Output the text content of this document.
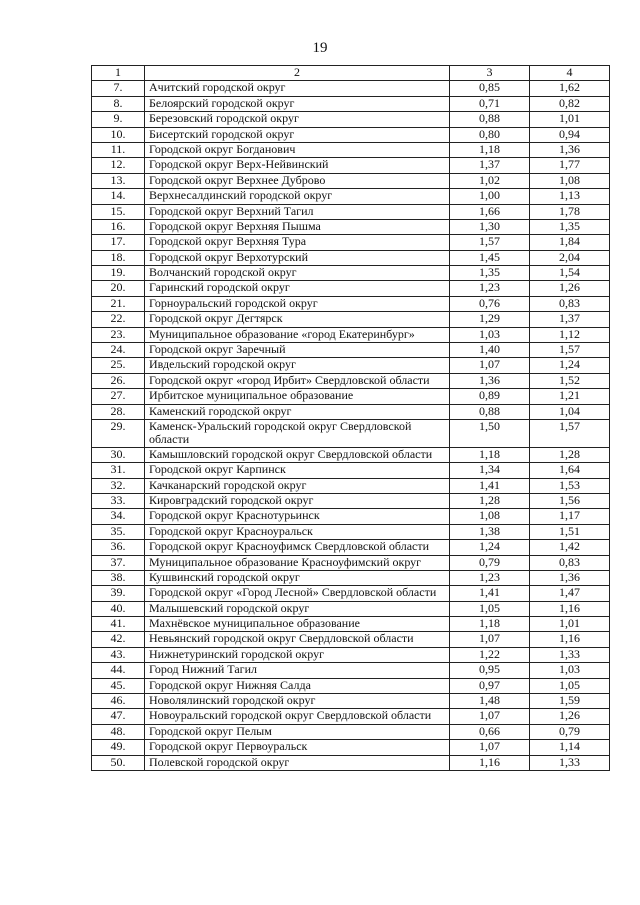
19
1	2	3	4
7.	Ачитский городской округ	0,85	1,62
8.	Белоярский городской округ	0,71	0,82
9.	Березовский городской округ	0,88	1,01
10.	Бисертский городской округ	0,80	0,94
11.	Городской округ Богданович	1,18	1,36
12.	Городской округ Верх-Нейвинский	1,37	1,77
13.	Городской округ Верхнее Дуброво	1,02	1,08
14.	Верхнесалдинский городской округ	1,00	1,13
15.	Городской округ Верхний Тагил	1,66	1,78
16.	Городской округ Верхняя Пышма	1,30	1,35
17.	Городской округ Верхняя Тура	1,57	1,84
18.	Городской округ Верхотурский	1,45	2,04
19.	Волчанский городской округ	1,35	1,54
20.	Гаринский городской округ	1,23	1,26
21.	Горноуральский городской округ	0,76	0,83
22.	Городской округ Дегтярск	1,29	1,37
23.	Муниципальное образование «город Екатеринбург»	1,03	1,12
24.	Городской округ Заречный	1,40	1,57
25.	Ивдельский городской округ	1,07	1,24
26.	Городской округ «город Ирбит» Свердловской области	1,36	1,52
27.	Ирбитское муниципальное образование	0,89	1,21
28.	Каменский городской округ	0,88	1,04
29.	Каменск-Уральский городской округ Свердловской области	1,50	1,57
30.	Камышловский городской округ Свердловской области	1,18	1,28
31.	Городской округ Карпинск	1,34	1,64
32.	Качканарский городской округ	1,41	1,53
33.	Кировградский городской округ	1,28	1,56
34.	Городской округ Краснотурьинск	1,08	1,17
35.	Городской округ Красноуральск	1,38	1,51
36.	Городской округ Красноуфимск Свердловской области	1,24	1,42
37.	Муниципальное образование Красноуфимский округ	0,79	0,83
38.	Кушвинский городской округ	1,23	1,36
39.	Городской округ «Город Лесной» Свердловской области	1,41	1,47
40.	Малышевский городской округ	1,05	1,16
41.	Махнёвское муниципальное образование	1,18	1,01
42.	Невьянский городской округ Свердловской области	1,07	1,16
43.	Нижнетуринский городской округ	1,22	1,33
44.	Город Нижний Тагил	0,95	1,03
45.	Городской округ Нижняя Салда	0,97	1,05
46.	Новолялинский городской округ	1,48	1,59
47.	Новоуральский городской округ Свердловской области	1,07	1,26
48.	Городской округ Пелым	0,66	0,79
49.	Городской округ Первоуральск	1,07	1,14
50.	Полевской городской округ	1,16	1,33
